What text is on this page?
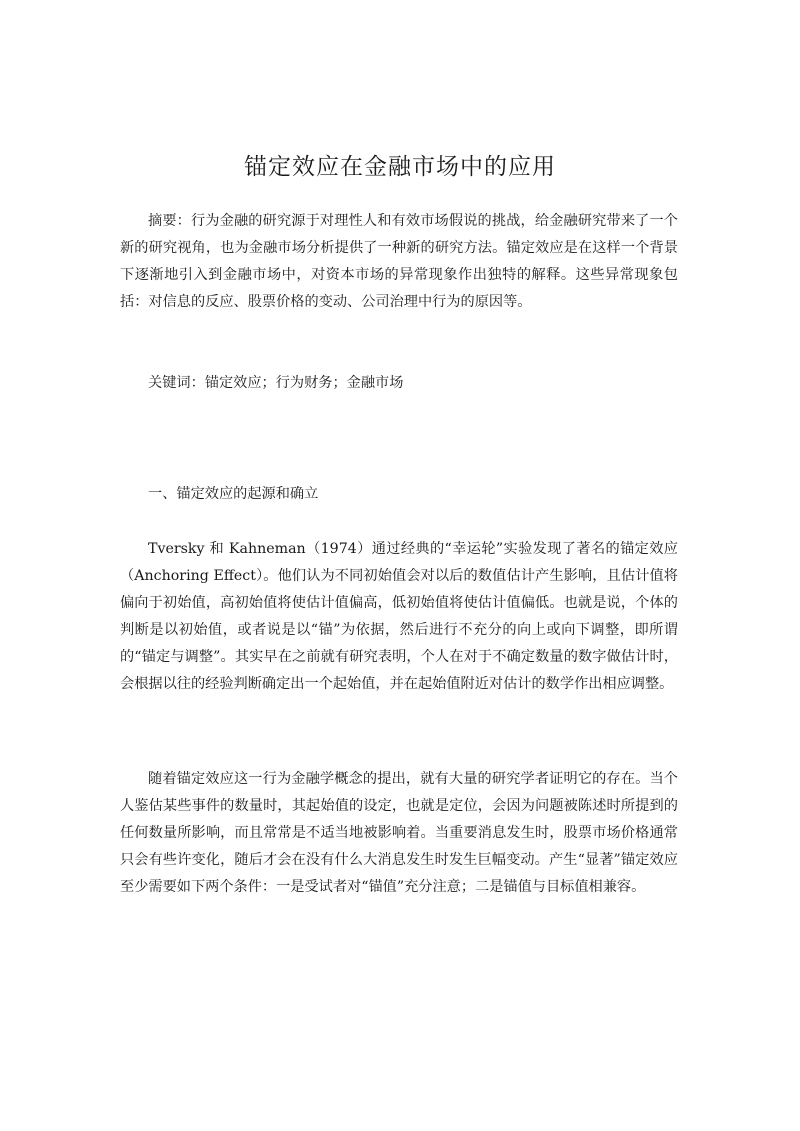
锚定效应在金融市场中的应用

摘要：行为金融的研究源于对理性人和有效市场假说的挑战，给金融研究带来了一个新的研究视角，也为金融市场分析提供了一种新的研究方法。锚定效应是在这样一个背景下逐渐地引入到金融市场中，对资本市场的异常现象作出独特的解释。这些异常现象包括：对信息的反应、股票价格的变动、公司治理中行为的原因等。

关键词：锚定效应；行为财务；金融市场

一、锚定效应的起源和确立

Tversky 和 Kahneman（1974）通过经典的“幸运轮”实验发现了著名的锚定效应（Anchoring Effect）。他们认为不同初始值会对以后的数值估计产生影响，且估计值将偏向于初始值，高初始值将使估计值偏高，低初始值将使估计值偏低。也就是说，个体的判断是以初始值，或者说是以“锚”为依据，然后进行不充分的向上或向下调整，即所谓的“锚定与调整”。其实早在之前就有研究表明，个人在对于不确定数量的数字做估计时，会根据以往的经验判断确定出一个起始值，并在起始值附近对估计的数学作出相应调整。

随着锚定效应这一行为金融学概念的提出，就有大量的研究学者证明它的存在。当个人鉴估某些事件的数量时，其起始值的设定，也就是定位，会因为问题被陈述时所提到的任何数量所影响，而且常常是不适当地被影响着。当重要消息发生时，股票市场价格通常只会有些许变化，随后才会在没有什么大消息发生时发生巨幅变动。产生“显著”锚定效应至少需要如下两个条件：一是受试者对“锚值”充分注意；二是锚值与目标值相兼容。
